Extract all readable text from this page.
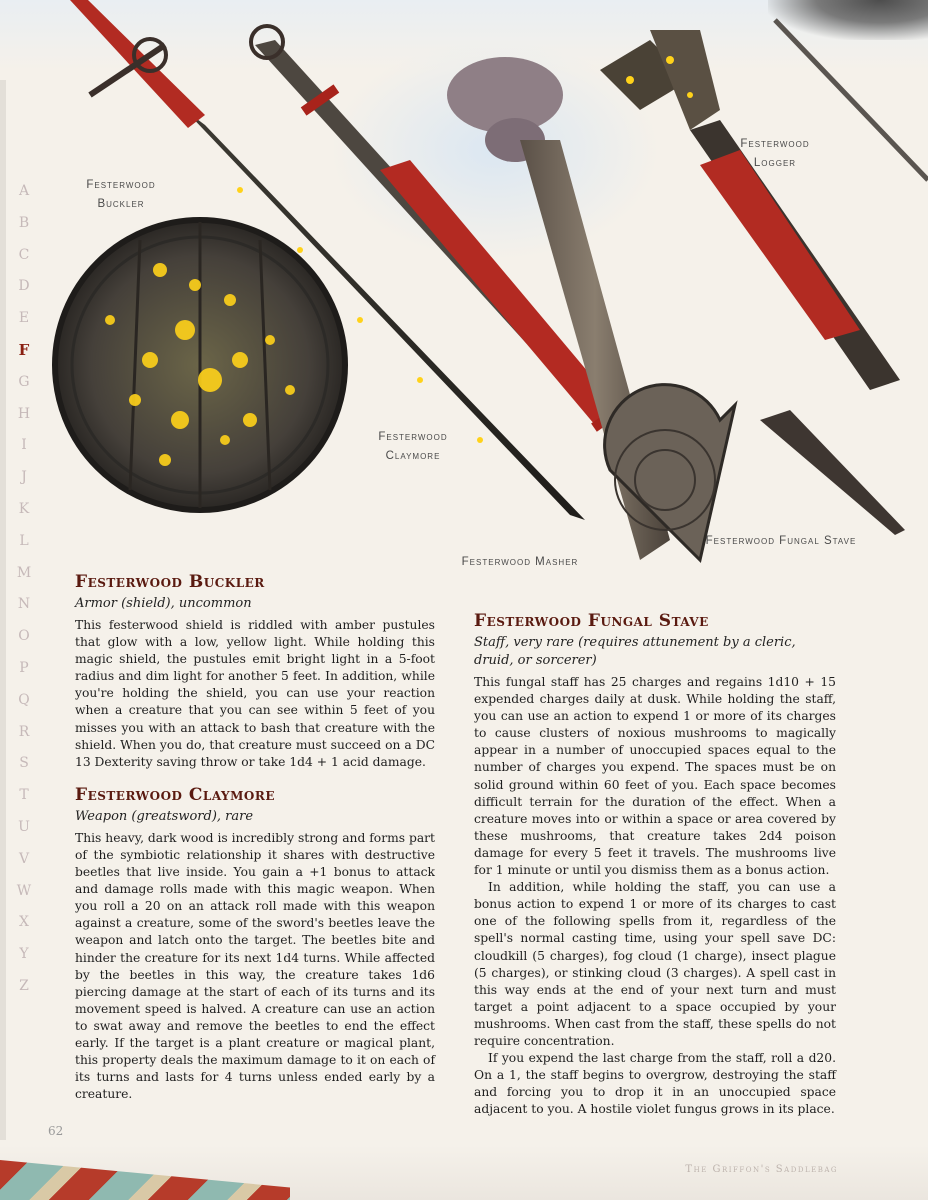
A
B
C
D
E
F
G
H
I
J
K
L
M
N
O
P
Q
R
S
T
U
V
W
X
Y
Z
Festerwood
Buckler
Festerwood
Claymore
Festerwood
Logger
Festerwood Masher
Festerwood Fungal Stave
Festerwood Buckler
Armor (shield), uncommon

This festerwood shield is riddled with amber pustules that glow with a low, yellow light. While holding this magic shield, the pustules emit bright light in a 5-foot radius and dim light for another 5 feet. In addition, while you're holding the shield, you can use your reaction when a creature that you can see within 5 feet of you misses you with an attack to bash that creature with the shield. When you do, that creature must succeed on a DC 13 Dexterity saving throw or take 1d4 + 1 acid damage.

Festerwood Claymore
Weapon (greatsword), rare

This heavy, dark wood is incredibly strong and forms part of the symbiotic relationship it shares with destructive beetles that live inside. You gain a +1 bonus to attack and damage rolls made with this magic weapon. When you roll a 20 on an attack roll made with this weapon against a creature, some of the sword's beetles leave the weapon and latch onto the target. The beetles bite and hinder the creature for its next 1d4 turns. While affected by the beetles in this way, the creature takes 1d6 piercing damage at the start of each of its turns and its movement speed is halved. A creature can use an action to swat away and remove the beetles to end the effect early. If the target is a plant creature or magical plant, this property deals the maximum damage to it on each of its turns and lasts for 4 turns unless ended early by a creature.

Festerwood Fungal Stave
Staff, very rare (requires attunement by a cleric, druid, or sorcerer)

This fungal staff has 25 charges and regains 1d10 + 15 expended charges daily at dusk. While holding the staff, you can use an action to expend 1 or more of its charges to cause clusters of noxious mushrooms to magically appear in a number of unoccupied spaces equal to the number of charges you expend. The spaces must be on solid ground within 60 feet of you. Each space becomes difficult terrain for the duration of the effect. When a creature moves into or within a space or area covered by these mushrooms, that creature takes 2d4 poison damage for every 5 feet it travels. The mushrooms live for 1 minute or until you dismiss them as a bonus action.

In addition, while holding the staff, you can use a bonus action to expend 1 or more of its charges to cast one of the following spells from it, regardless of the spell's normal casting time, using your spell save DC: cloudkill (5 charges), fog cloud (1 charge), insect plague (5 charges), or stinking cloud (3 charges). A spell cast in this way ends at the end of your next turn and must target a point adjacent to a space occupied by your mushrooms. When cast from the staff, these spells do not require concentration.

If you expend the last charge from the staff, roll a d20. On a 1, the staff begins to overgrow, destroying the staff and forcing you to drop it in an unoccupied space adjacent to you. A hostile violet fungus grows in its place.

62
The Griffon's Saddlebag
